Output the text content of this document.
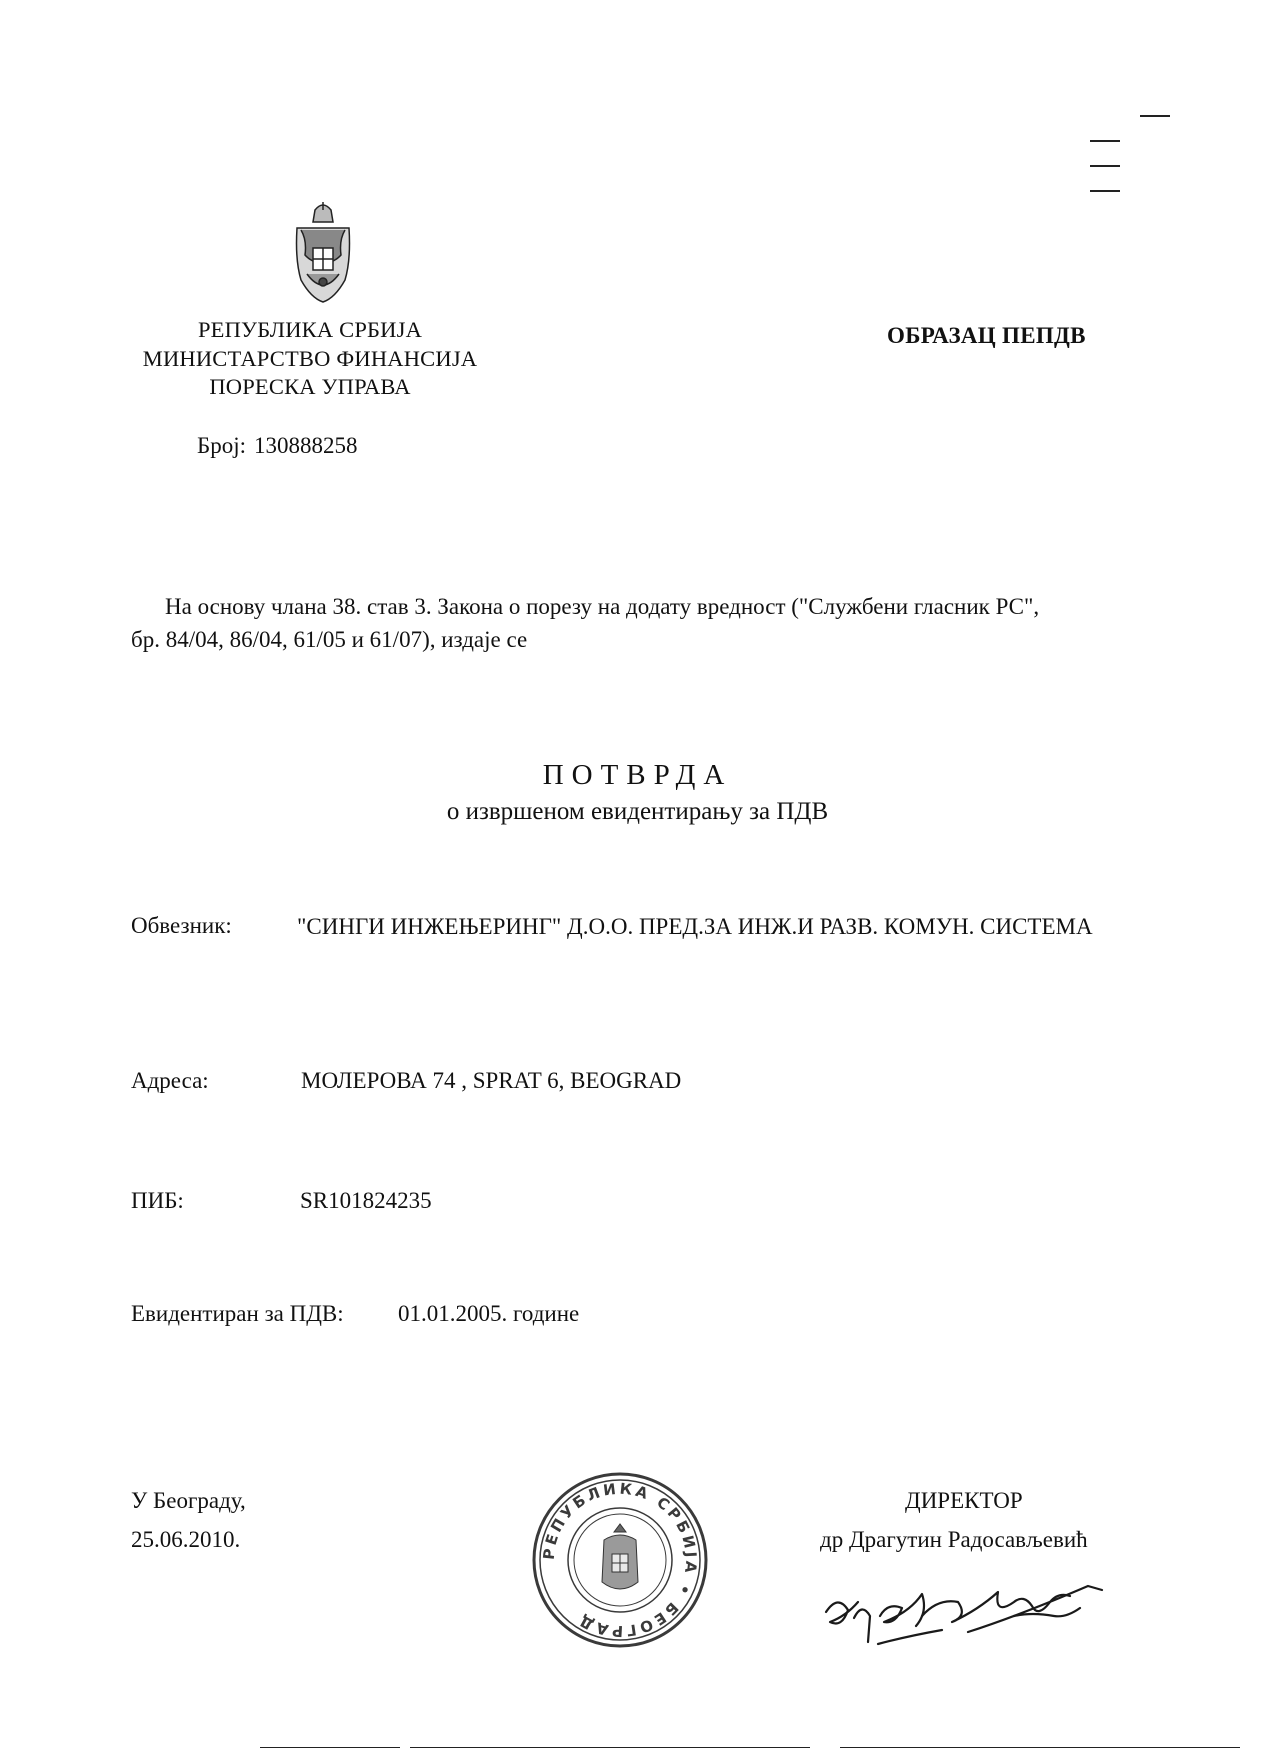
РЕПУБЛИКА СРБИЈА
МИНИСТАРСТВО ФИНАНСИЈА
ПОРЕСКА УПРАВА
ОБРАЗАЦ ПЕПДВ
Број: 130888258
На основу члана 38. став 3. Закона о порезу на додату вредност ("Службени гласник РС",
бр. 84/04, 86/04, 61/05 и 61/07), издаје се
ПОТВРДА
о извршеном евидентирању за ПДВ
Обвезник:	"СИНГИ ИНЖЕЊЕРИНГ" Д.О.О. ПРЕД.ЗА ИНЖ.И РАЗВ. КОМУН. СИСТЕМА
Адреса:	МОЛЕРОВА 74 , SPRAT 6, BEOGRAD
ПИБ:	SR101824235
Евидентиран за ПДВ: 01.01.2005. године
У Београду,
25.06.2010.
РЕПУБЛИКА СРБИЈА • БЕОГРАД
ДИРЕКТОР
др Драгутин Радосављевић
